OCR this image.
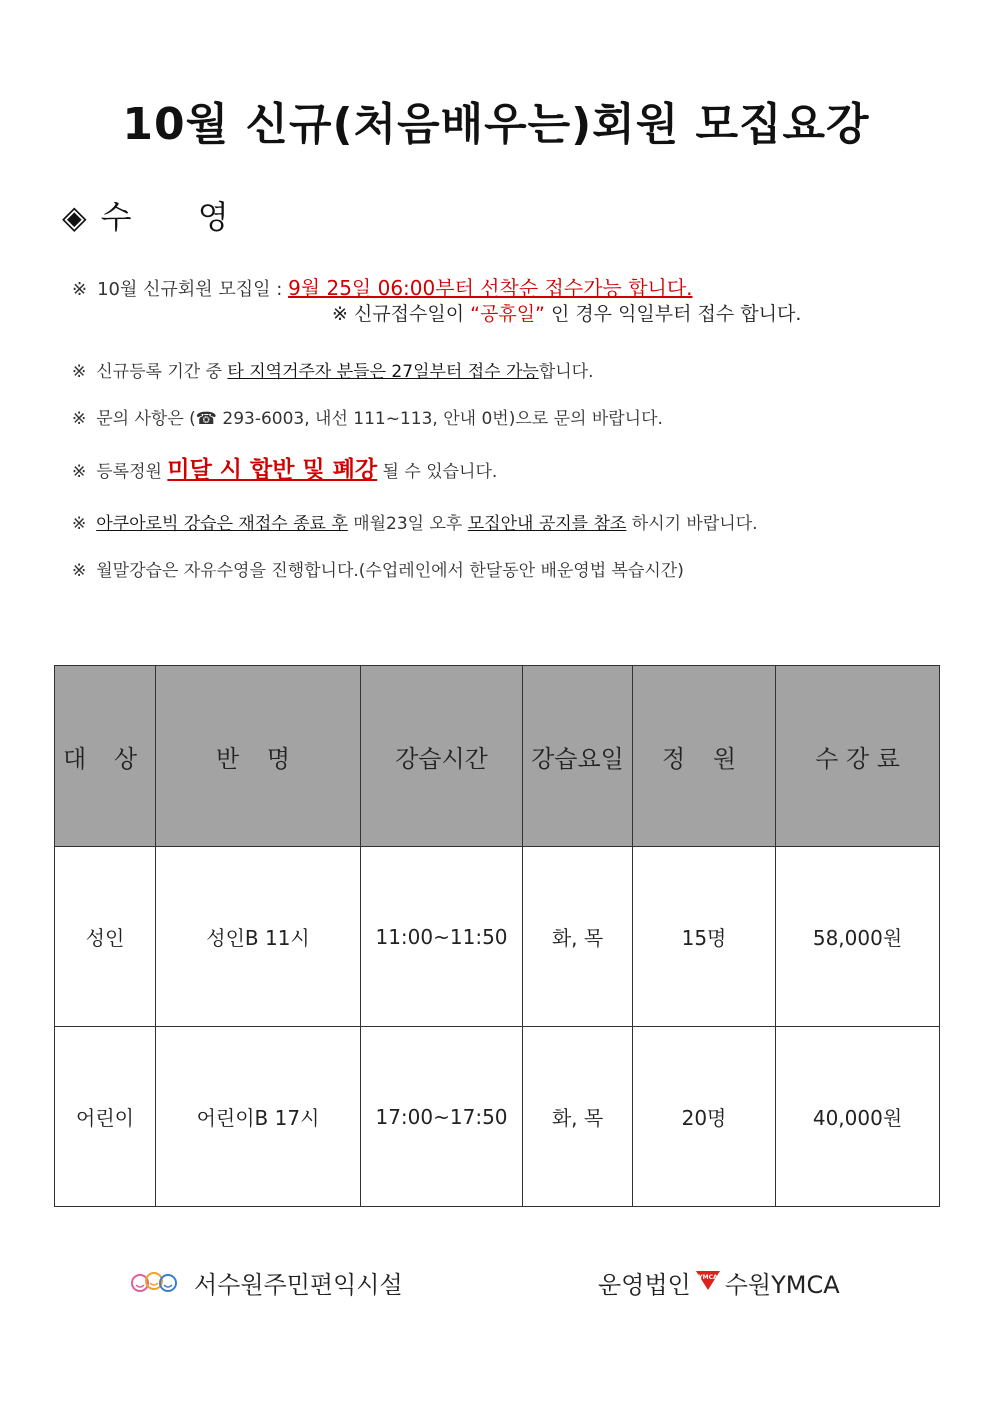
10월 신규(처음배우는)회원 모집요강
◈ 수 영
※ 10월 신규회원 모집일 : 9월 25일 06:00부터 선착순 접수가능 합니다.
※ 신규접수일이 “공휴일” 인 경우 익일부터 접수 합니다.
※ 신규등록 기간 중 타 지역거주자 분들은 27일부터 접수 가능합니다.
※ 문의 사항은 (☎ 293-6003, 내선 111~113, 안내 0번)으로 문의 바랍니다.
※ 등록정원 미달 시 합반 및 폐강 될 수 있습니다.
※ 아쿠아로빅 강습은 재접수 종료 후 매월23일 오후 모집안내 공지를 참조 하시기 바랍니다.
※ 월말강습은 자유수영을 진행합니다.(수업레인에서 한달동안 배운영법 복습시간)
대 상	반 명	강습시간	강습요일	정 원	수 강 료
성인	성인B 11시	11:00~11:50	화, 목	15명	58,000원
어린이	어린이B 17시	17:00~17:50	화, 목	20명	40,000원
서수원주민편익시설	운영법인 YMCA 수원YMCA
